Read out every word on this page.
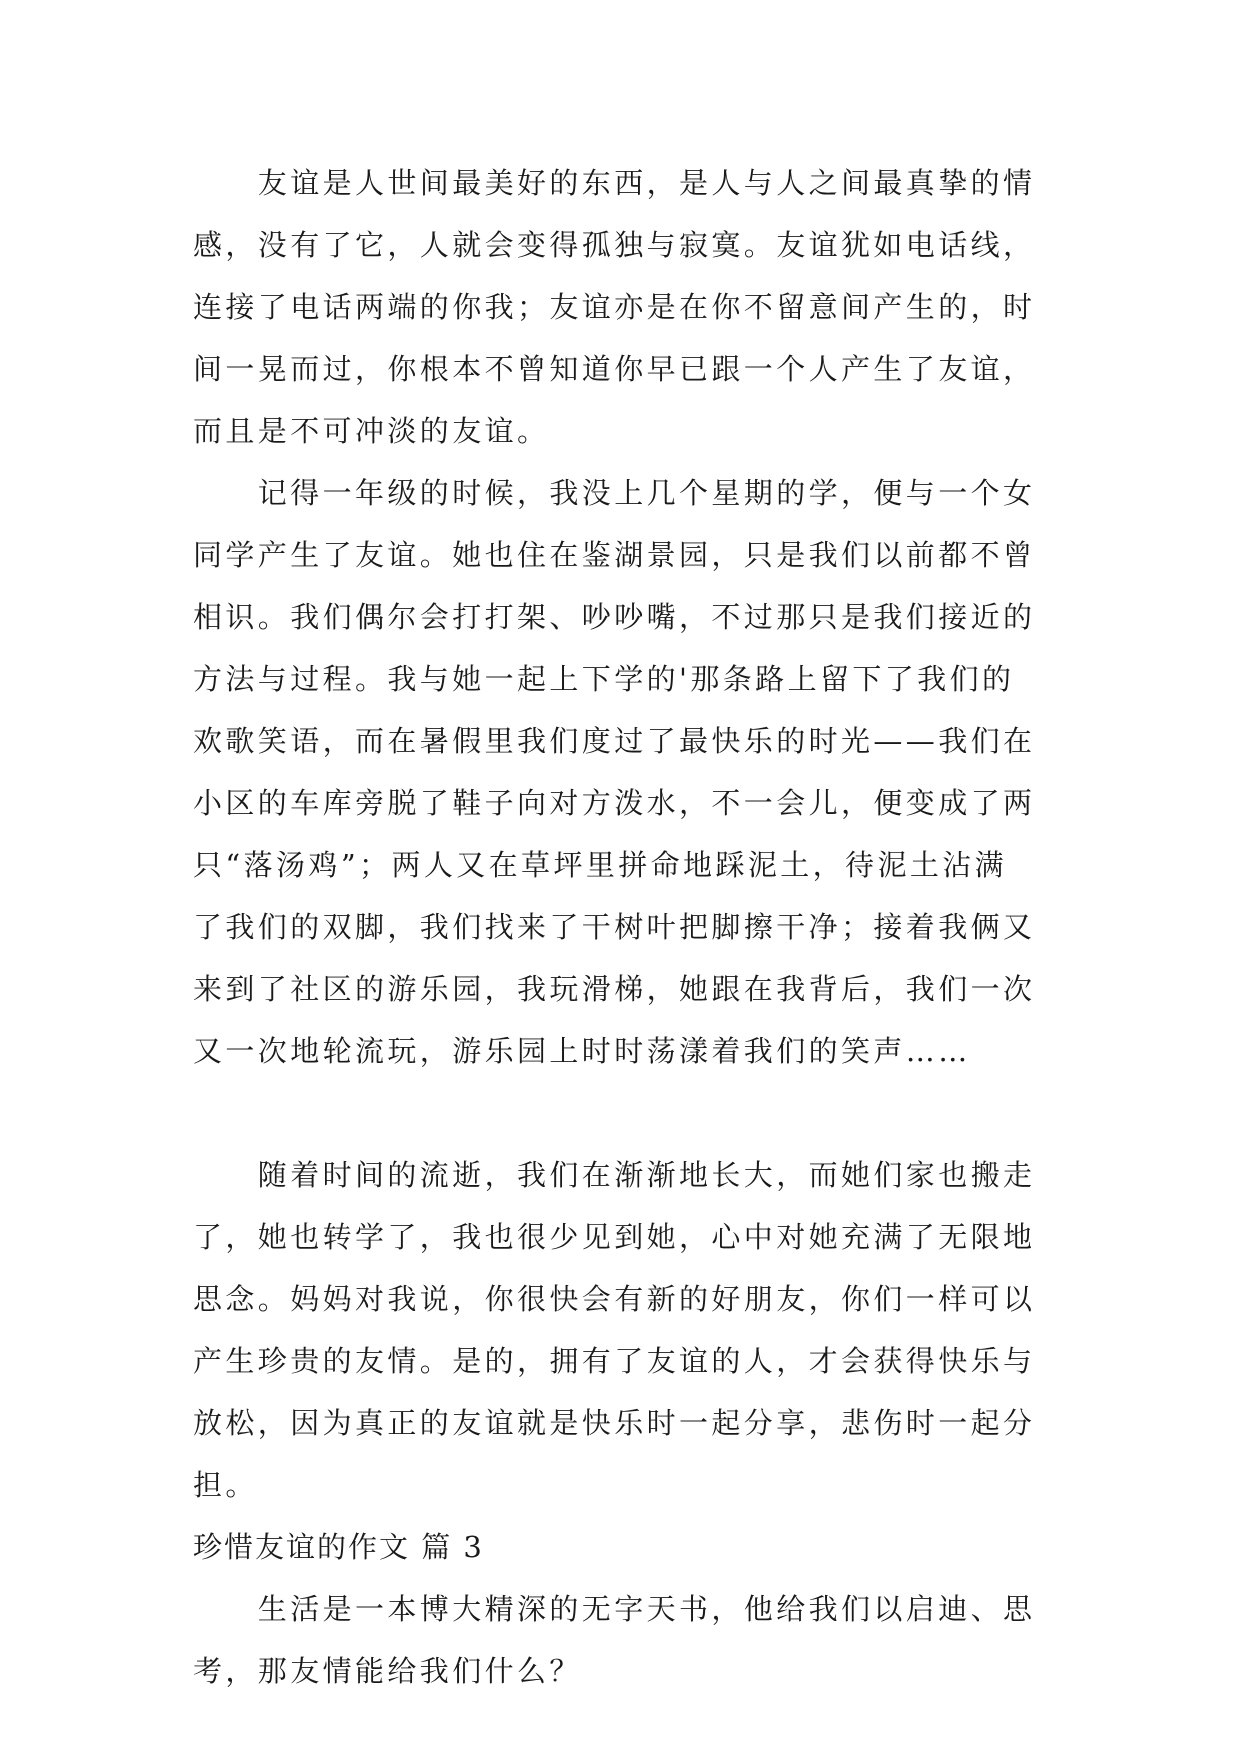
　　友谊是人世间最美好的东西，是人与人之间最真挚的情
感，没有了它，人就会变得孤独与寂寞。友谊犹如电话线，
连接了电话两端的你我；友谊亦是在你不留意间产生的，时
间一晃而过，你根本不曾知道你早已跟一个人产生了友谊，
而且是不可冲淡的友谊。
　　记得一年级的时候，我没上几个星期的学，便与一个女
同学产生了友谊。她也住在鉴湖景园，只是我们以前都不曾
相识。我们偶尔会打打架、吵吵嘴，不过那只是我们接近的
方法与过程。我与她一起上下学的'那条路上留下了我们的
欢歌笑语，而在暑假里我们度过了最快乐的时光——我们在
小区的车库旁脱了鞋子向对方泼水，不一会儿，便变成了两
只“落汤鸡”；两人又在草坪里拼命地踩泥土，待泥土沾满
了我们的双脚，我们找来了干树叶把脚擦干净；接着我俩又
来到了社区的游乐园，我玩滑梯，她跟在我背后，我们一次
又一次地轮流玩，游乐园上时时荡漾着我们的笑声……
　　随着时间的流逝，我们在渐渐地长大，而她们家也搬走
了，她也转学了，我也很少见到她，心中对她充满了无限地
思念。妈妈对我说，你很快会有新的好朋友，你们一样可以
产生珍贵的友情。是的，拥有了友谊的人，才会获得快乐与
放松，因为真正的友谊就是快乐时一起分享，悲伤时一起分
担。
珍惜友谊的作文 篇 3
　　生活是一本博大精深的无字天书，他给我们以启迪、思
考，那友情能给我们什么？
